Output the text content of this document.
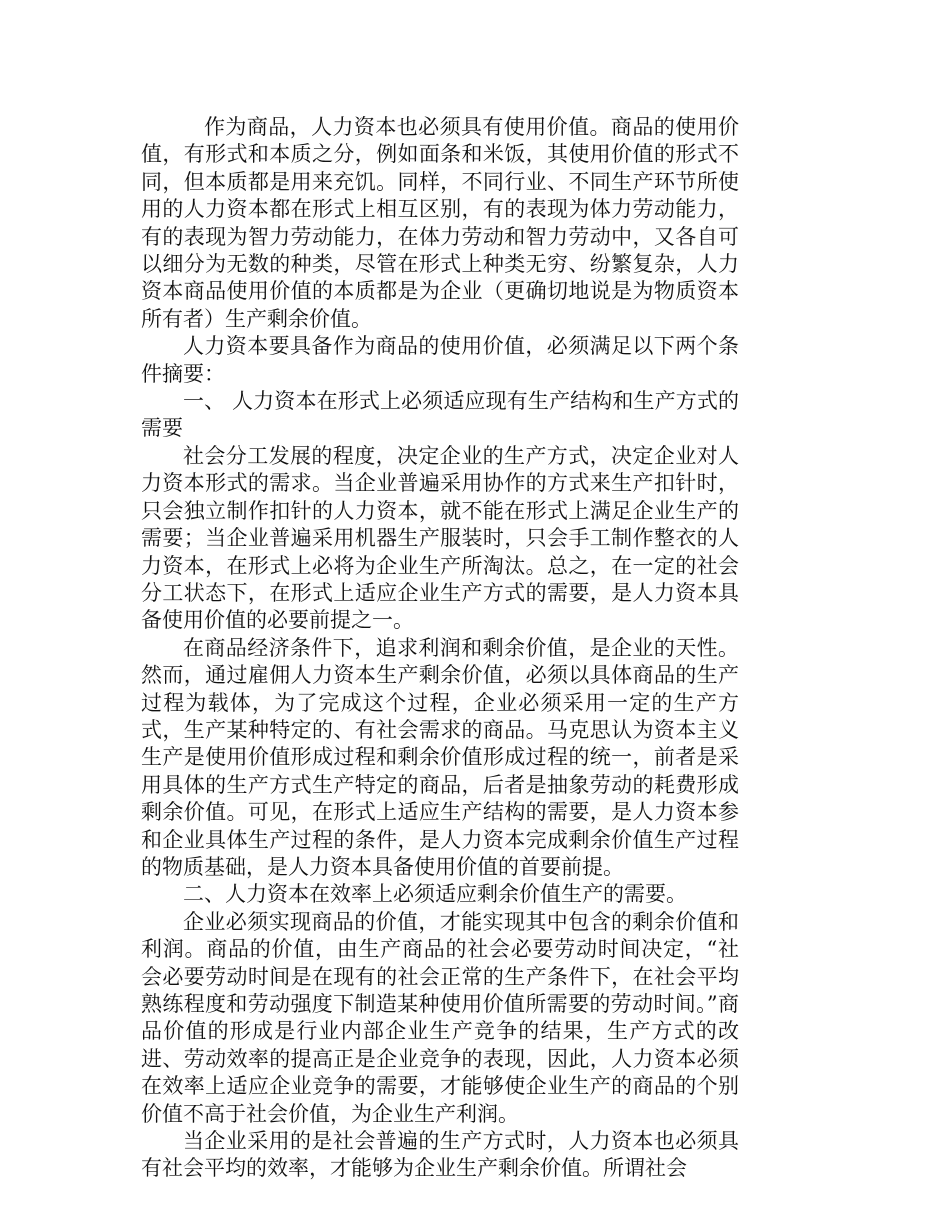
作为商品，人力资本也必须具有使用价值。商品的使用价值，有形式和本质之分，例如面条和米饭，其使用价值的形式不同，但本质都是用来充饥。同样，不同行业、不同生产环节所使用的人力资本都在形式上相互区别，有的表现为体力劳动能力，有的表现为智力劳动能力，在体力劳动和智力劳动中，又各自可以细分为无数的种类，尽管在形式上种类无穷、纷繁复杂，人力资本商品使用价值的本质都是为企业（更确切地说是为物质资本所有者）生产剩余价值。

人力资本要具备作为商品的使用价值，必须满足以下两个条件摘要：

一、 人力资本在形式上必须适应现有生产结构和生产方式的需要

社会分工发展的程度，决定企业的生产方式，决定企业对人力资本形式的需求。当企业普遍采用协作的方式来生产扣针时，只会独立制作扣针的人力资本，就不能在形式上满足企业生产的需要；当企业普遍采用机器生产服装时，只会手工制作整衣的人力资本，在形式上必将为企业生产所淘汰。总之，在一定的社会分工状态下，在形式上适应企业生产方式的需要，是人力资本具备使用价值的必要前提之一。

在商品经济条件下，追求利润和剩余价值，是企业的天性。然而，通过雇佣人力资本生产剩余价值，必须以具体商品的生产过程为载体，为了完成这个过程，企业必须采用一定的生产方式，生产某种特定的、有社会需求的商品。马克思认为资本主义生产是使用价值形成过程和剩余价值形成过程的统一，前者是采用具体的生产方式生产特定的商品，后者是抽象劳动的耗费形成剩余价值。可见，在形式上适应生产结构的需要，是人力资本参和企业具体生产过程的条件，是人力资本完成剩余价值生产过程的物质基础，是人力资本具备使用价值的首要前提。

二、人力资本在效率上必须适应剩余价值生产的需要。

企业必须实现商品的价值，才能实现其中包含的剩余价值和利润。商品的价值，由生产商品的社会必要劳动时间决定，“社会必要劳动时间是在现有的社会正常的生产条件下，在社会平均熟练程度和劳动强度下制造某种使用价值所需要的劳动时间。”商品价值的形成是行业内部企业生产竞争的结果，生产方式的改进、劳动效率的提高正是企业竞争的表现，因此，人力资本必须在效率上适应企业竞争的需要，才能够使企业生产的商品的个别价值不高于社会价值，为企业生产利润。

当企业采用的是社会普遍的生产方式时，人力资本也必须具有社会平均的效率，才能够为企业生产剩余价值。所谓社会
